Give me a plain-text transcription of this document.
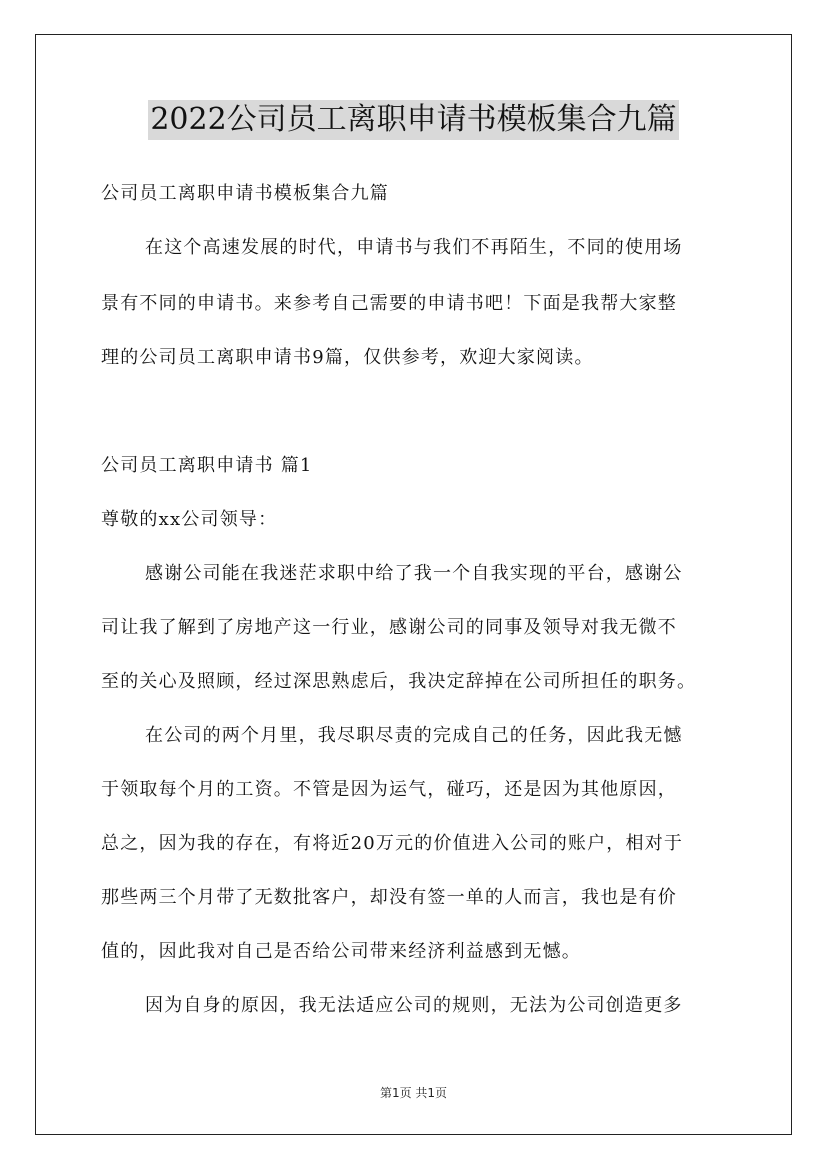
2022公司员工离职申请书模板集合九篇
公司员工离职申请书模板集合九篇
在这个高速发展的时代，申请书与我们不再陌生，不同的使用场
景有不同的申请书。来参考自己需要的申请书吧！下面是我帮大家整
理的公司员工离职申请书9篇，仅供参考，欢迎大家阅读。
公司员工离职申请书 篇1
尊敬的xx公司领导：
感谢公司能在我迷茫求职中给了我一个自我实现的平台，感谢公
司让我了解到了房地产这一行业，感谢公司的同事及领导对我无微不
至的关心及照顾，经过深思熟虑后，我决定辞掉在公司所担任的职务。
在公司的两个月里，我尽职尽责的完成自己的任务，因此我无憾
于领取每个月的工资。不管是因为运气，碰巧，还是因为其他原因，
总之，因为我的存在，有将近20万元的价值进入公司的账户，相对于
那些两三个月带了无数批客户，却没有签一单的人而言，我也是有价
值的，因此我对自己是否给公司带来经济利益感到无憾。
因为自身的原因，我无法适应公司的规则，无法为公司创造更多
第1页 共1页
